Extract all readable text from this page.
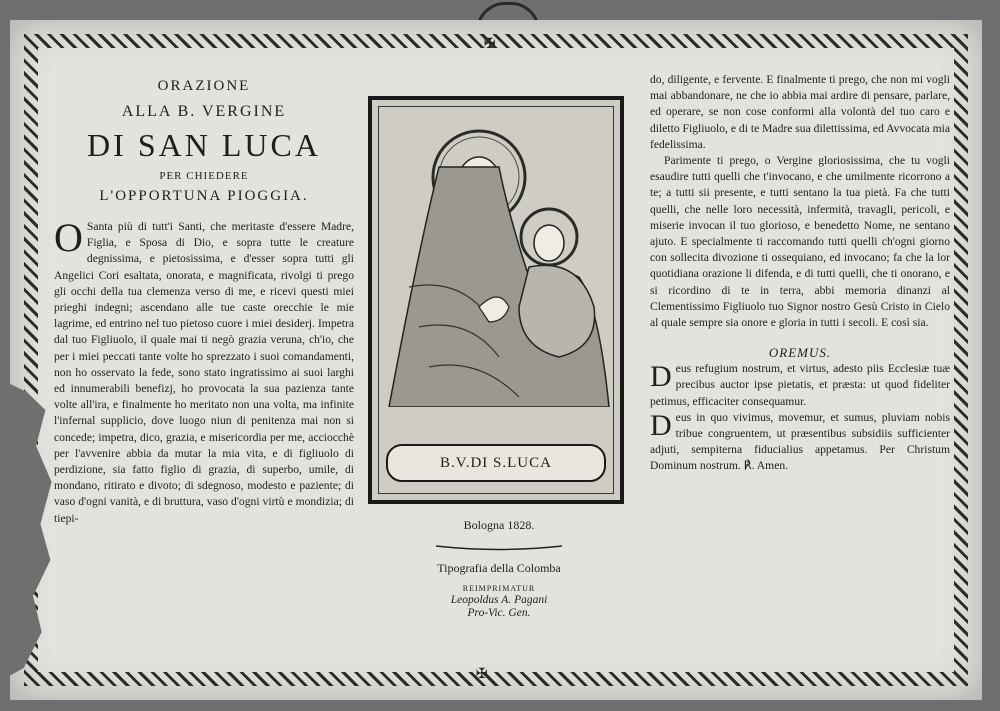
✠
✠
ORAZIONE
ALLA B. VERGINE
DI SAN LUCA
PER CHIEDERE
L'OPPORTUNA PIOGGIA.
O Santa più di tutt'i Santi, che meritaste d'essere Madre, Figlia, e Sposa di Dio, e sopra tutte le creature degnissima, e pietosissima, e d'esser sopra tutti gli Angelici Cori esaltata, onorata, e magnificata, rivolgi ti prego gli occhi della tua clemenza verso di me, e ricevi questi miei prieghi indegni; ascendano alle tue caste orecchie le mie lagrime, ed entrino nel tuo pietoso cuore i miei desiderj. Impetra dal tuo Figliuolo, il quale mai ti negò grazia veruna, ch'io, che per i miei peccati tante volte ho sprezzato i suoi comandamenti, non ho osservato la fede, sono stato ingratissimo ai suoi larghi ed innumerabili benefizj, ho provocata la sua pazienza tante volte all'ira, e finalmente ho meritato non una volta, ma infinite l'infernal supplicio, dove luogo niun di penitenza mai non si concede; impetra, dico, grazia, e misericordia per me, acciocchè per l'avvenire abbia da mutar la mia vita, e di figliuolo di perdizione, sia fatto figlio di grazia, di superbo, umile, di mondano, ritirato e divoto; di sdegnoso, modesto e paziente; di vaso d'ogni vanità, e di bruttura, vaso d'ogni virtù e mondizia; di tiepi-
B.V.DI S.LUCA
Bologna 1828.
Tipografia della Colomba
REIMPRIMATUR
Leopoldus A. Pagani
Pro-Vic. Gen.
do, diligente, e fervente. E finalmente ti prego, che non mi vogli mai abbandonare, ne che io abbia mai ardire di pensare, parlare, ed operare, se non cose conformi alla volontà del tuo caro e diletto Figliuolo, e di te Madre sua dilettissima, ed Avvocata mia fedelissima.
Parimente ti prego, o Vergine gloriosissima, che tu vogli esaudire tutti quelli che t'invocano, e che umilmente ricorrono a te; a tutti sii presente, e tutti sentano la tua pietà. Fa che tutti quelli, che nelle loro necessità, infermità, travagli, pericoli, e miserie invocan il tuo glorioso, e benedetto Nome, ne sentano ajuto. E specialmente ti raccomando tutti quelli ch'ogni giorno con sollecita divozione ti ossequiano, ed invocano; fa che la lor quotidiana orazione li difenda, e di tutti quelli, che ti onorano, e si ricordino di te in terra, abbi memoria dinanzi al Clementissimo Figliuolo tuo Signor nostro Gesù Cristo in Cielo al quale sempre sia onore e gloria in tutti i secoli. E così sia.
OREMUS.
D eus refugium nostrum, et virtus, adesto piis Ecclesiæ tuæ precibus auctor ipse pietatis, et præsta: ut quod fideliter petimus, efficaciter consequamur.
D eus in quo vivimus, movemur, et sumus, pluviam nobis tribue congruentem, ut præsentibus subsidiis sufficienter adjuti, sempiterna fiducialius appetamus. Per Christum Dominum nostrum. ℟. Amen.
